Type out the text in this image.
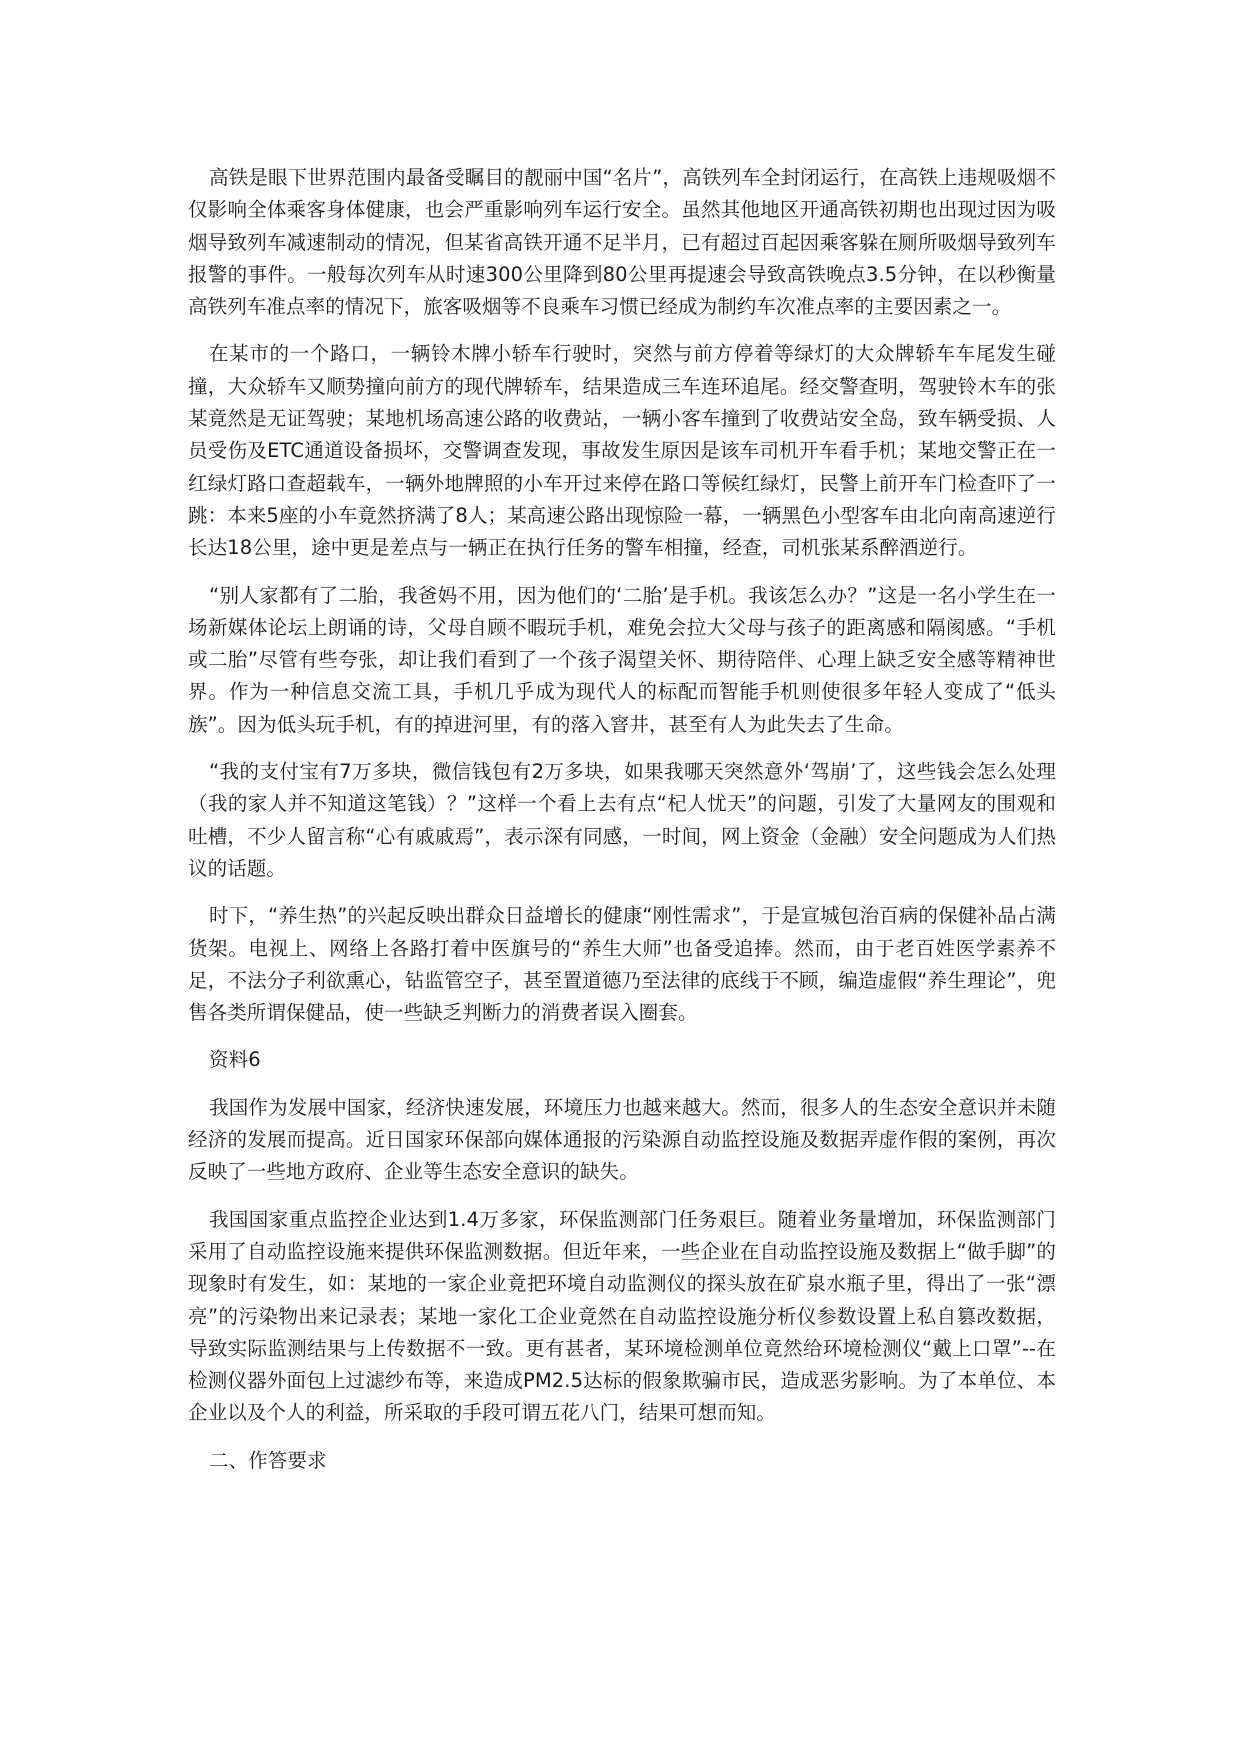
高铁是眼下世界范围内最备受瞩目的靓丽中国“名片”，高铁列车全封闭运行，在高铁上违规吸烟不仅影响全体乘客身体健康，也会严重影响列车运行安全。虽然其他地区开通高铁初期也出现过因为吸烟导致列车减速制动的情况，但某省高铁开通不足半月，已有超过百起因乘客躲在厕所吸烟导致列车报警的事件。一般每次列车从时速300公里降到80公里再提速会导致高铁晚点3.5分钟，在以秒衡量高铁列车准点率的情况下，旅客吸烟等不良乘车习惯已经成为制约车次准点率的主要因素之一。

在某市的一个路口，一辆铃木牌小轿车行驶时，突然与前方停着等绿灯的大众牌轿车车尾发生碰撞，大众轿车又顺势撞向前方的现代牌轿车，结果造成三车连环追尾。经交警查明，驾驶铃木车的张某竟然是无证驾驶；某地机场高速公路的收费站，一辆小客车撞到了收费站安全岛，致车辆受损、人员受伤及ETC通道设备损坏，交警调查发现，事故发生原因是该车司机开车看手机；某地交警正在一红绿灯路口查超载车，一辆外地牌照的小车开过来停在路口等候红绿灯，民警上前开车门检查吓了一跳：本来5座的小车竟然挤满了8人；某高速公路出现惊险一幕，一辆黑色小型客车由北向南高速逆行长达18公里，途中更是差点与一辆正在执行任务的警车相撞，经查，司机张某系醉酒逆行。

“别人家都有了二胎，我爸妈不用，因为他们的‘二胎’是手机。我该怎么办？”这是一名小学生在一场新媒体论坛上朗诵的诗，父母自顾不暇玩手机，难免会拉大父母与孩子的距离感和隔阂感。“手机或二胎”尽管有些夸张，却让我们看到了一个孩子渴望关怀、期待陪伴、心理上缺乏安全感等精神世界。作为一种信息交流工具，手机几乎成为现代人的标配而智能手机则使很多年轻人变成了“低头族”。因为低头玩手机，有的掉进河里，有的落入窨井，甚至有人为此失去了生命。

“我的支付宝有7万多块，微信钱包有2万多块，如果我哪天突然意外‘驾崩’了，这些钱会怎么处理（我的家人并不知道这笔钱）？”这样一个看上去有点“杞人忧天”的问题，引发了大量网友的围观和吐槽，不少人留言称“心有戚戚焉”，表示深有同感，一时间，网上资金（金融）安全问题成为人们热议的话题。

时下，“养生热”的兴起反映出群众日益增长的健康“刚性需求”，于是宣城包治百病的保健补品占满货架。电视上、网络上各路打着中医旗号的“养生大师”也备受追捧。然而，由于老百姓医学素养不足，不法分子利欲熏心，钻监管空子，甚至置道德乃至法律的底线于不顾，编造虚假“养生理论”，兜售各类所谓保健品，使一些缺乏判断力的消费者误入圈套。

资料6

我国作为发展中国家，经济快速发展，环境压力也越来越大。然而，很多人的生态安全意识并未随经济的发展而提高。近日国家环保部向媒体通报的污染源自动监控设施及数据弄虚作假的案例，再次反映了一些地方政府、企业等生态安全意识的缺失。

我国国家重点监控企业达到1.4万多家，环保监测部门任务艰巨。随着业务量增加，环保监测部门采用了自动监控设施来提供环保监测数据。但近年来，一些企业在自动监控设施及数据上“做手脚”的现象时有发生，如：某地的一家企业竟把环境自动监测仪的探头放在矿泉水瓶子里，得出了一张“漂亮”的污染物出来记录表；某地一家化工企业竟然在自动监控设施分析仪参数设置上私自篡改数据，导致实际监测结果与上传数据不一致。更有甚者，某环境检测单位竟然给环境检测仪“戴上口罩”--在检测仪器外面包上过滤纱布等，来造成PM2.5达标的假象欺骗市民，造成恶劣影响。为了本单位、本企业以及个人的利益，所采取的手段可谓五花八门，结果可想而知。

二、作答要求
